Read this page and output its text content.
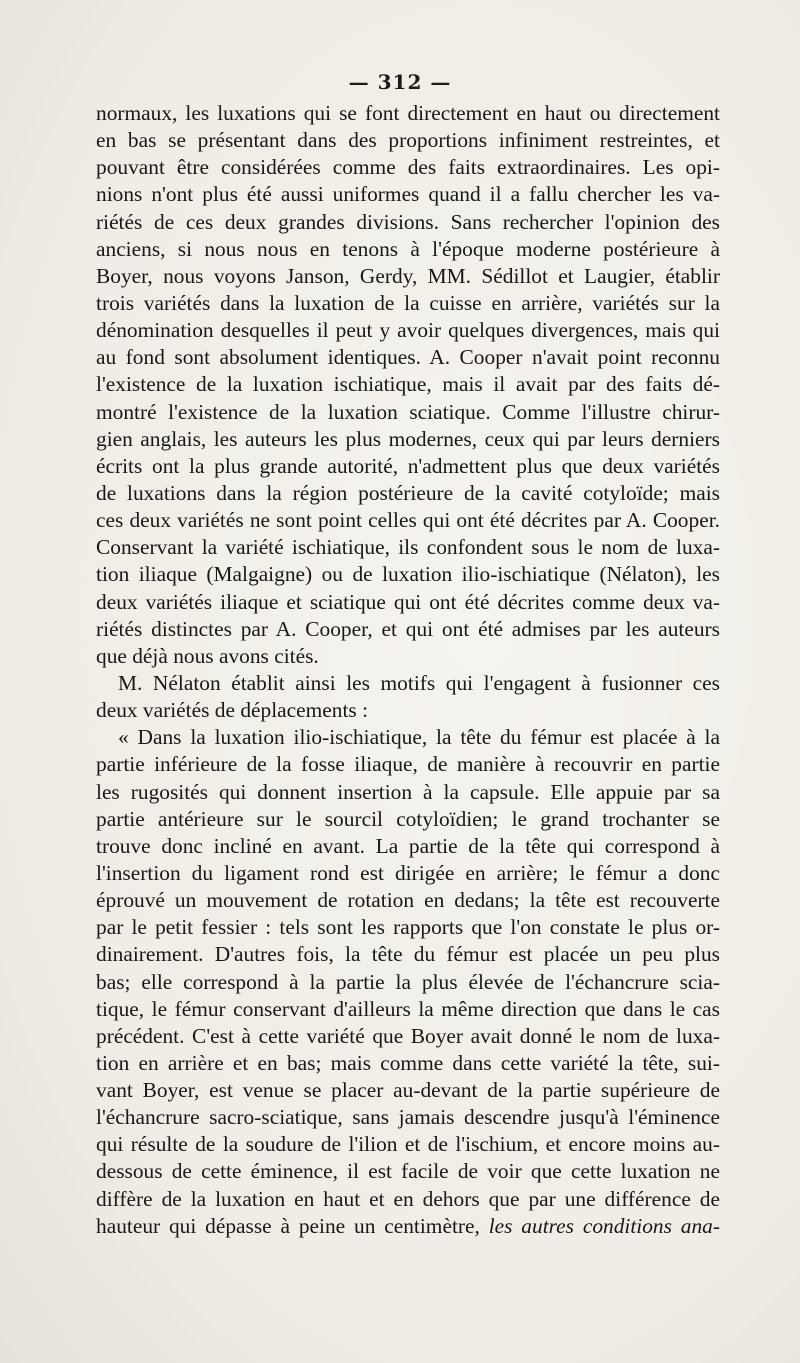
— 312 —
normaux, les luxations qui se font directement en haut ou directement
en bas se présentant dans des proportions infiniment restreintes, et
pouvant être considérées comme des faits extraordinaires. Les opi-
nions n'ont plus été aussi uniformes quand il a fallu chercher les va-
riétés de ces deux grandes divisions. Sans rechercher l'opinion des
anciens, si nous nous en tenons à l'époque moderne postérieure à
Boyer, nous voyons Janson, Gerdy, MM. Sédillot et Laugier, établir
trois variétés dans la luxation de la cuisse en arrière, variétés sur la
dénomination desquelles il peut y avoir quelques divergences, mais qui
au fond sont absolument identiques. A. Cooper n'avait point reconnu
l'existence de la luxation ischiatique, mais il avait par des faits dé-
montré l'existence de la luxation sciatique. Comme l'illustre chirur-
gien anglais, les auteurs les plus modernes, ceux qui par leurs derniers
écrits ont la plus grande autorité, n'admettent plus que deux variétés
de luxations dans la région postérieure de la cavité cotyloïde; mais
ces deux variétés ne sont point celles qui ont été décrites par A. Cooper.
Conservant la variété ischiatique, ils confondent sous le nom de luxa-
tion iliaque (Malgaigne) ou de luxation ilio-ischiatique (Nélaton), les
deux variétés iliaque et sciatique qui ont été décrites comme deux va-
riétés distinctes par A. Cooper, et qui ont été admises par les auteurs
que déjà nous avons cités.
M. Nélaton établit ainsi les motifs qui l'engagent à fusionner ces
deux variétés de déplacements :
« Dans la luxation ilio-ischiatique, la tête du fémur est placée à la
partie inférieure de la fosse iliaque, de manière à recouvrir en partie
les rugosités qui donnent insertion à la capsule. Elle appuie par sa
partie antérieure sur le sourcil cotyloïdien; le grand trochanter se
trouve donc incliné en avant. La partie de la tête qui correspond à
l'insertion du ligament rond est dirigée en arrière; le fémur a donc
éprouvé un mouvement de rotation en dedans; la tête est recouverte
par le petit fessier : tels sont les rapports que l'on constate le plus or-
dinairement. D'autres fois, la tête du fémur est placée un peu plus
bas; elle correspond à la partie la plus élevée de l'échancrure scia-
tique, le fémur conservant d'ailleurs la même direction que dans le cas
précédent. C'est à cette variété que Boyer avait donné le nom de luxa-
tion en arrière et en bas; mais comme dans cette variété la tête, sui-
vant Boyer, est venue se placer au-devant de la partie supérieure de
l'échancrure sacro-sciatique, sans jamais descendre jusqu'à l'éminence
qui résulte de la soudure de l'ilion et de l'ischium, et encore moins au-
dessous de cette éminence, il est facile de voir que cette luxation ne
diffère de la luxation en haut et en dehors que par une différence de
hauteur qui dépasse à peine un centimètre, les autres conditions ana-
